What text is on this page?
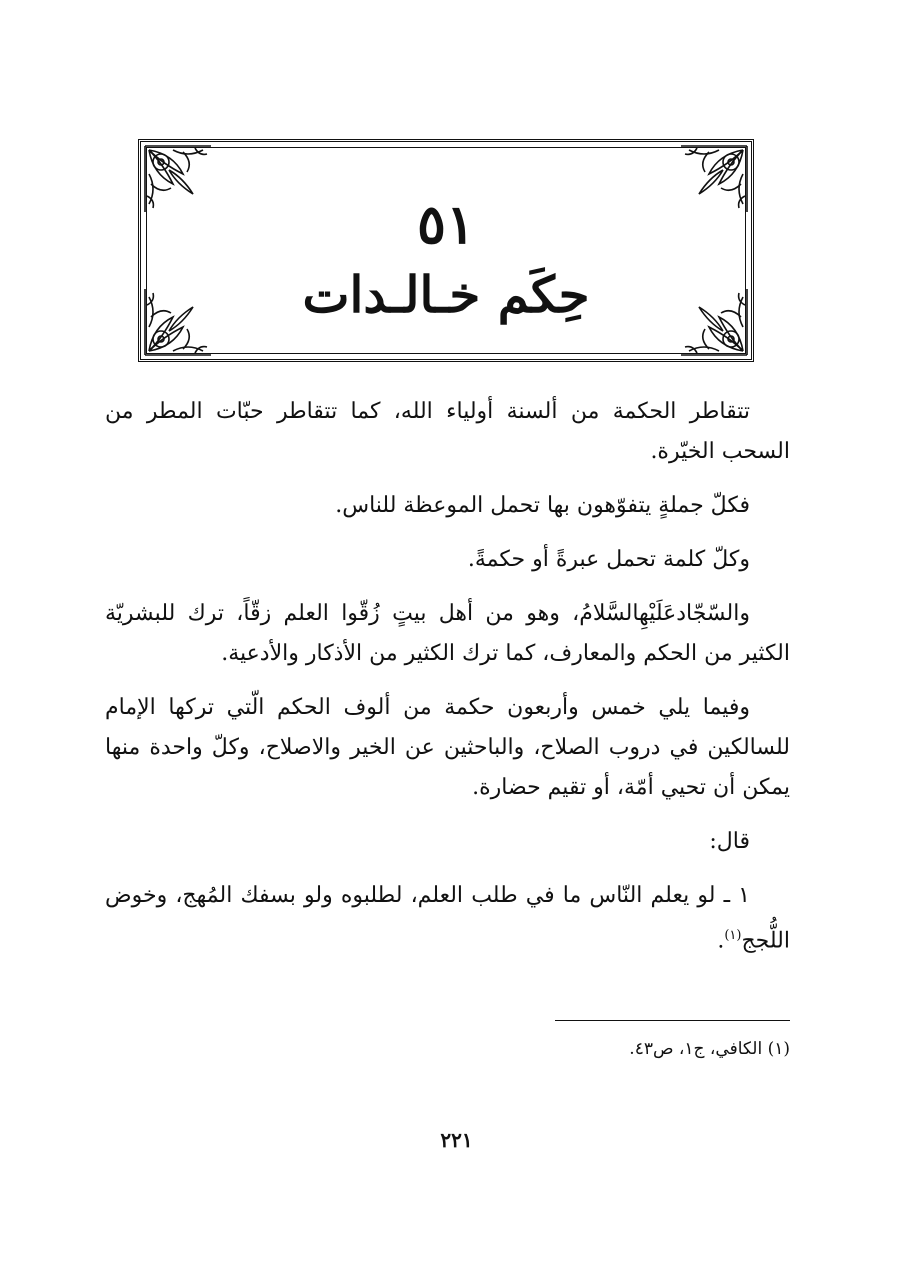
٥١
حِكَم خـالـدات

تتقاطر الحكمة من ألسنة أولياء الله، كما تتقاطر حبّات المطر من السحب الخيّرة.

فكلّ جملةٍ يتفوّهون بها تحمل الموعظة للناس.

وكلّ كلمة تحمل عبرةً أو حكمةً.

والسّجّادعَلَيْهِالسَّلامُ، وهو من أهل بيتٍ زُقّوا العلم زقّاً، ترك للبشريّة الكثير من الحكم والمعارف، كما ترك الكثير من الأذكار والأدعية.

وفيما يلي خمس وأربعون حكمة من ألوف الحكم الّتي تركها الإمام للسالكين في دروب الصلاح، والباحثين عن الخير والاصلاح، وكلّ واحدة منها يمكن أن تحيي أمّة، أو تقيم حضارة.

قال:

١ ـ لو يعلم النّاس ما في طلب العلم، لطلبوه ولو بسفك المُهج، وخوض اللُّجج$^{(١)}$.

(١) الكافي، ج١، ص٤٣.
٢٢١
